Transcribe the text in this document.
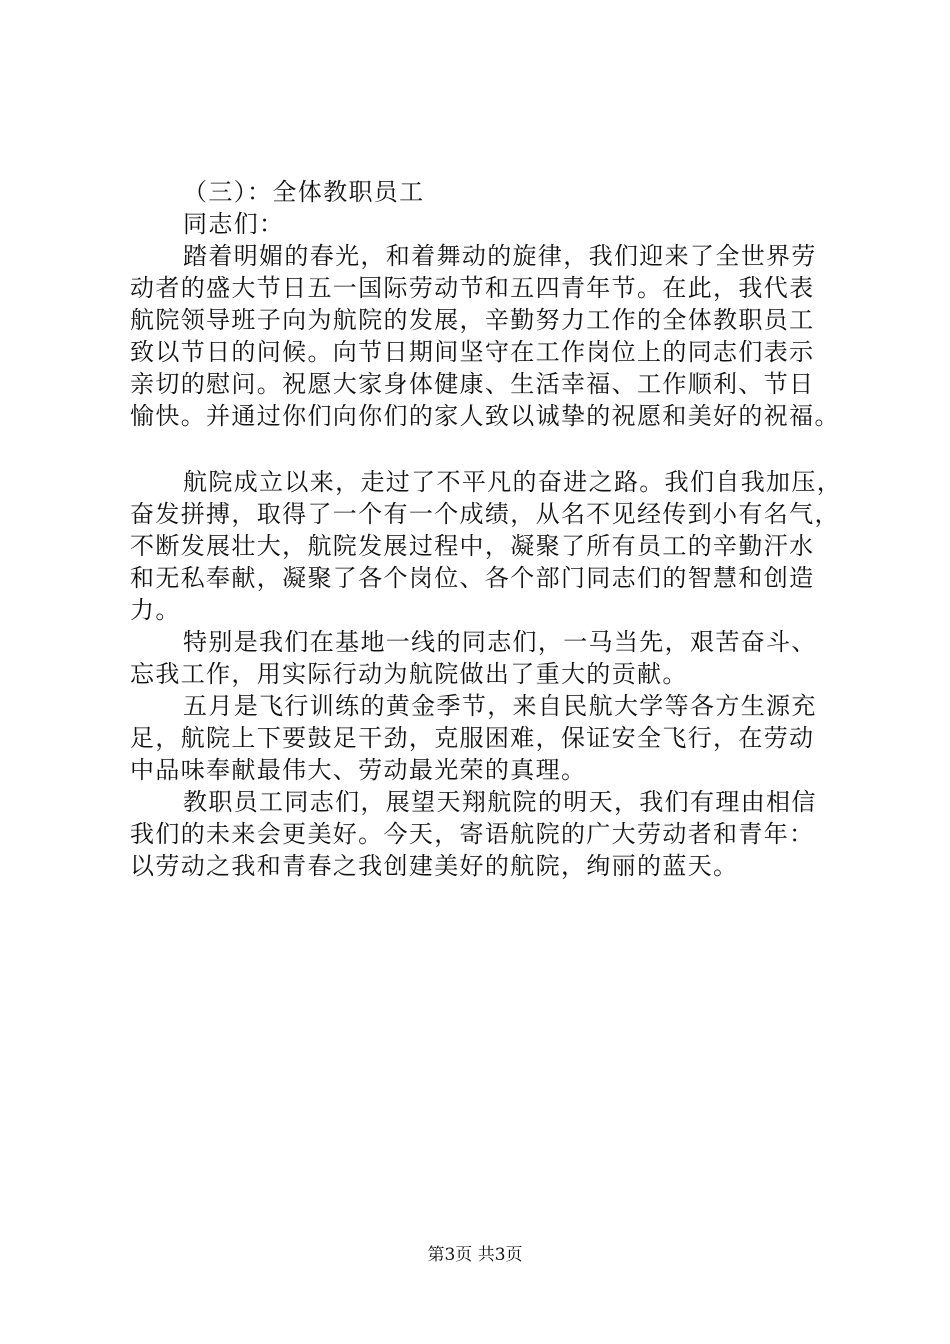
（三）：全体教职员工
同志们：
踏着明媚的春光，和着舞动的旋律，我们迎来了全世界劳
动者的盛大节日五一国际劳动节和五四青年节。在此，我代表
航院领导班子向为航院的发展，辛勤努力工作的全体教职员工
致以节日的问候。向节日期间坚守在工作岗位上的同志们表示
亲切的慰问。祝愿大家身体健康、生活幸福、工作顺利、节日
愉快。并通过你们向你们的家人致以诚挚的祝愿和美好的祝福。
航院成立以来，走过了不平凡的奋进之路。我们自我加压，
奋发拼搏，取得了一个有一个成绩，从名不见经传到小有名气，
不断发展壮大，航院发展过程中，凝聚了所有员工的辛勤汗水
和无私奉献，凝聚了各个岗位、各个部门同志们的智慧和创造
力。
特别是我们在基地一线的同志们，一马当先，艰苦奋斗、
忘我工作，用实际行动为航院做出了重大的贡献。
五月是飞行训练的黄金季节，来自民航大学等各方生源充
足，航院上下要鼓足干劲，克服困难，保证安全飞行，在劳动
中品味奉献最伟大、劳动最光荣的真理。
教职员工同志们，展望天翔航院的明天，我们有理由相信
我们的未来会更美好。今天，寄语航院的广大劳动者和青年：
以劳动之我和青春之我创建美好的航院，绚丽的蓝天。
第3页 共3页
